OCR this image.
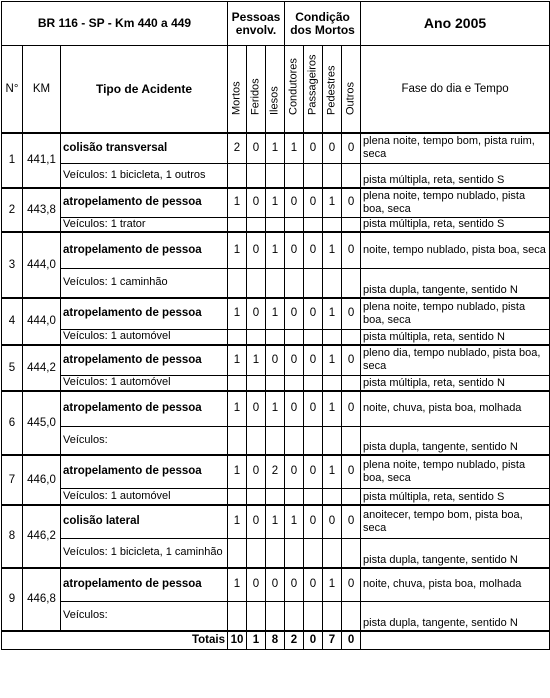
BR 116 - SP - Km 440 a 449			Pessoas envolv.			Condição dos Mortos				Ano 2005
N°	KM	Tipo de Acidente	Mortos	Feridos	Ilesos	Condutores	Passageiros	Pedestres	Outros	Fase do dia e Tempo
1	441,1	colisão transversal	2	0	1	1	0	0	0	plena noite, tempo bom, pista ruim, seca
		Veículos: 1 bicicleta, 1 outros								pista múltipla, reta, sentido S
2	443,8	atropelamento de pessoa	1	0	1	0	0	1	0	plena noite, tempo nublado, pista boa, seca
		Veículos: 1 trator								pista múltipla, reta, sentido S
3	444,0	atropelamento de pessoa	1	0	1	0	0	1	0	noite, tempo nublado, pista boa, seca
		Veículos: 1 caminhão								pista dupla, tangente, sentido N
4	444,0	atropelamento de pessoa	1	0	1	0	0	1	0	plena noite, tempo nublado, pista boa, seca
		Veículos: 1 automóvel								pista múltipla, reta, sentido N
5	444,2	atropelamento de pessoa	1	1	0	0	0	1	0	pleno dia, tempo nublado, pista boa, seca
		Veículos: 1 automóvel								pista múltipla, reta, sentido N
6	445,0	atropelamento de pessoa	1	0	1	0	0	1	0	noite, chuva, pista boa, molhada
		Veículos:								pista dupla, tangente, sentido N
7	446,0	atropelamento de pessoa	1	0	2	0	0	1	0	plena noite, tempo nublado, pista boa, seca
		Veículos: 1 automóvel								pista múltipla, reta, sentido S
8	446,2	colisão lateral	1	0	1	1	0	0	0	anoitecer, tempo bom, pista boa, seca
		Veículos: 1 bicicleta, 1 caminhão								pista dupla, tangente, sentido N
9	446,8	atropelamento de pessoa	1	0	0	0	0	1	0	noite, chuva, pista boa, molhada
		Veículos:								pista dupla, tangente, sentido N
Totais			10	1	8	2	0	7	0	
